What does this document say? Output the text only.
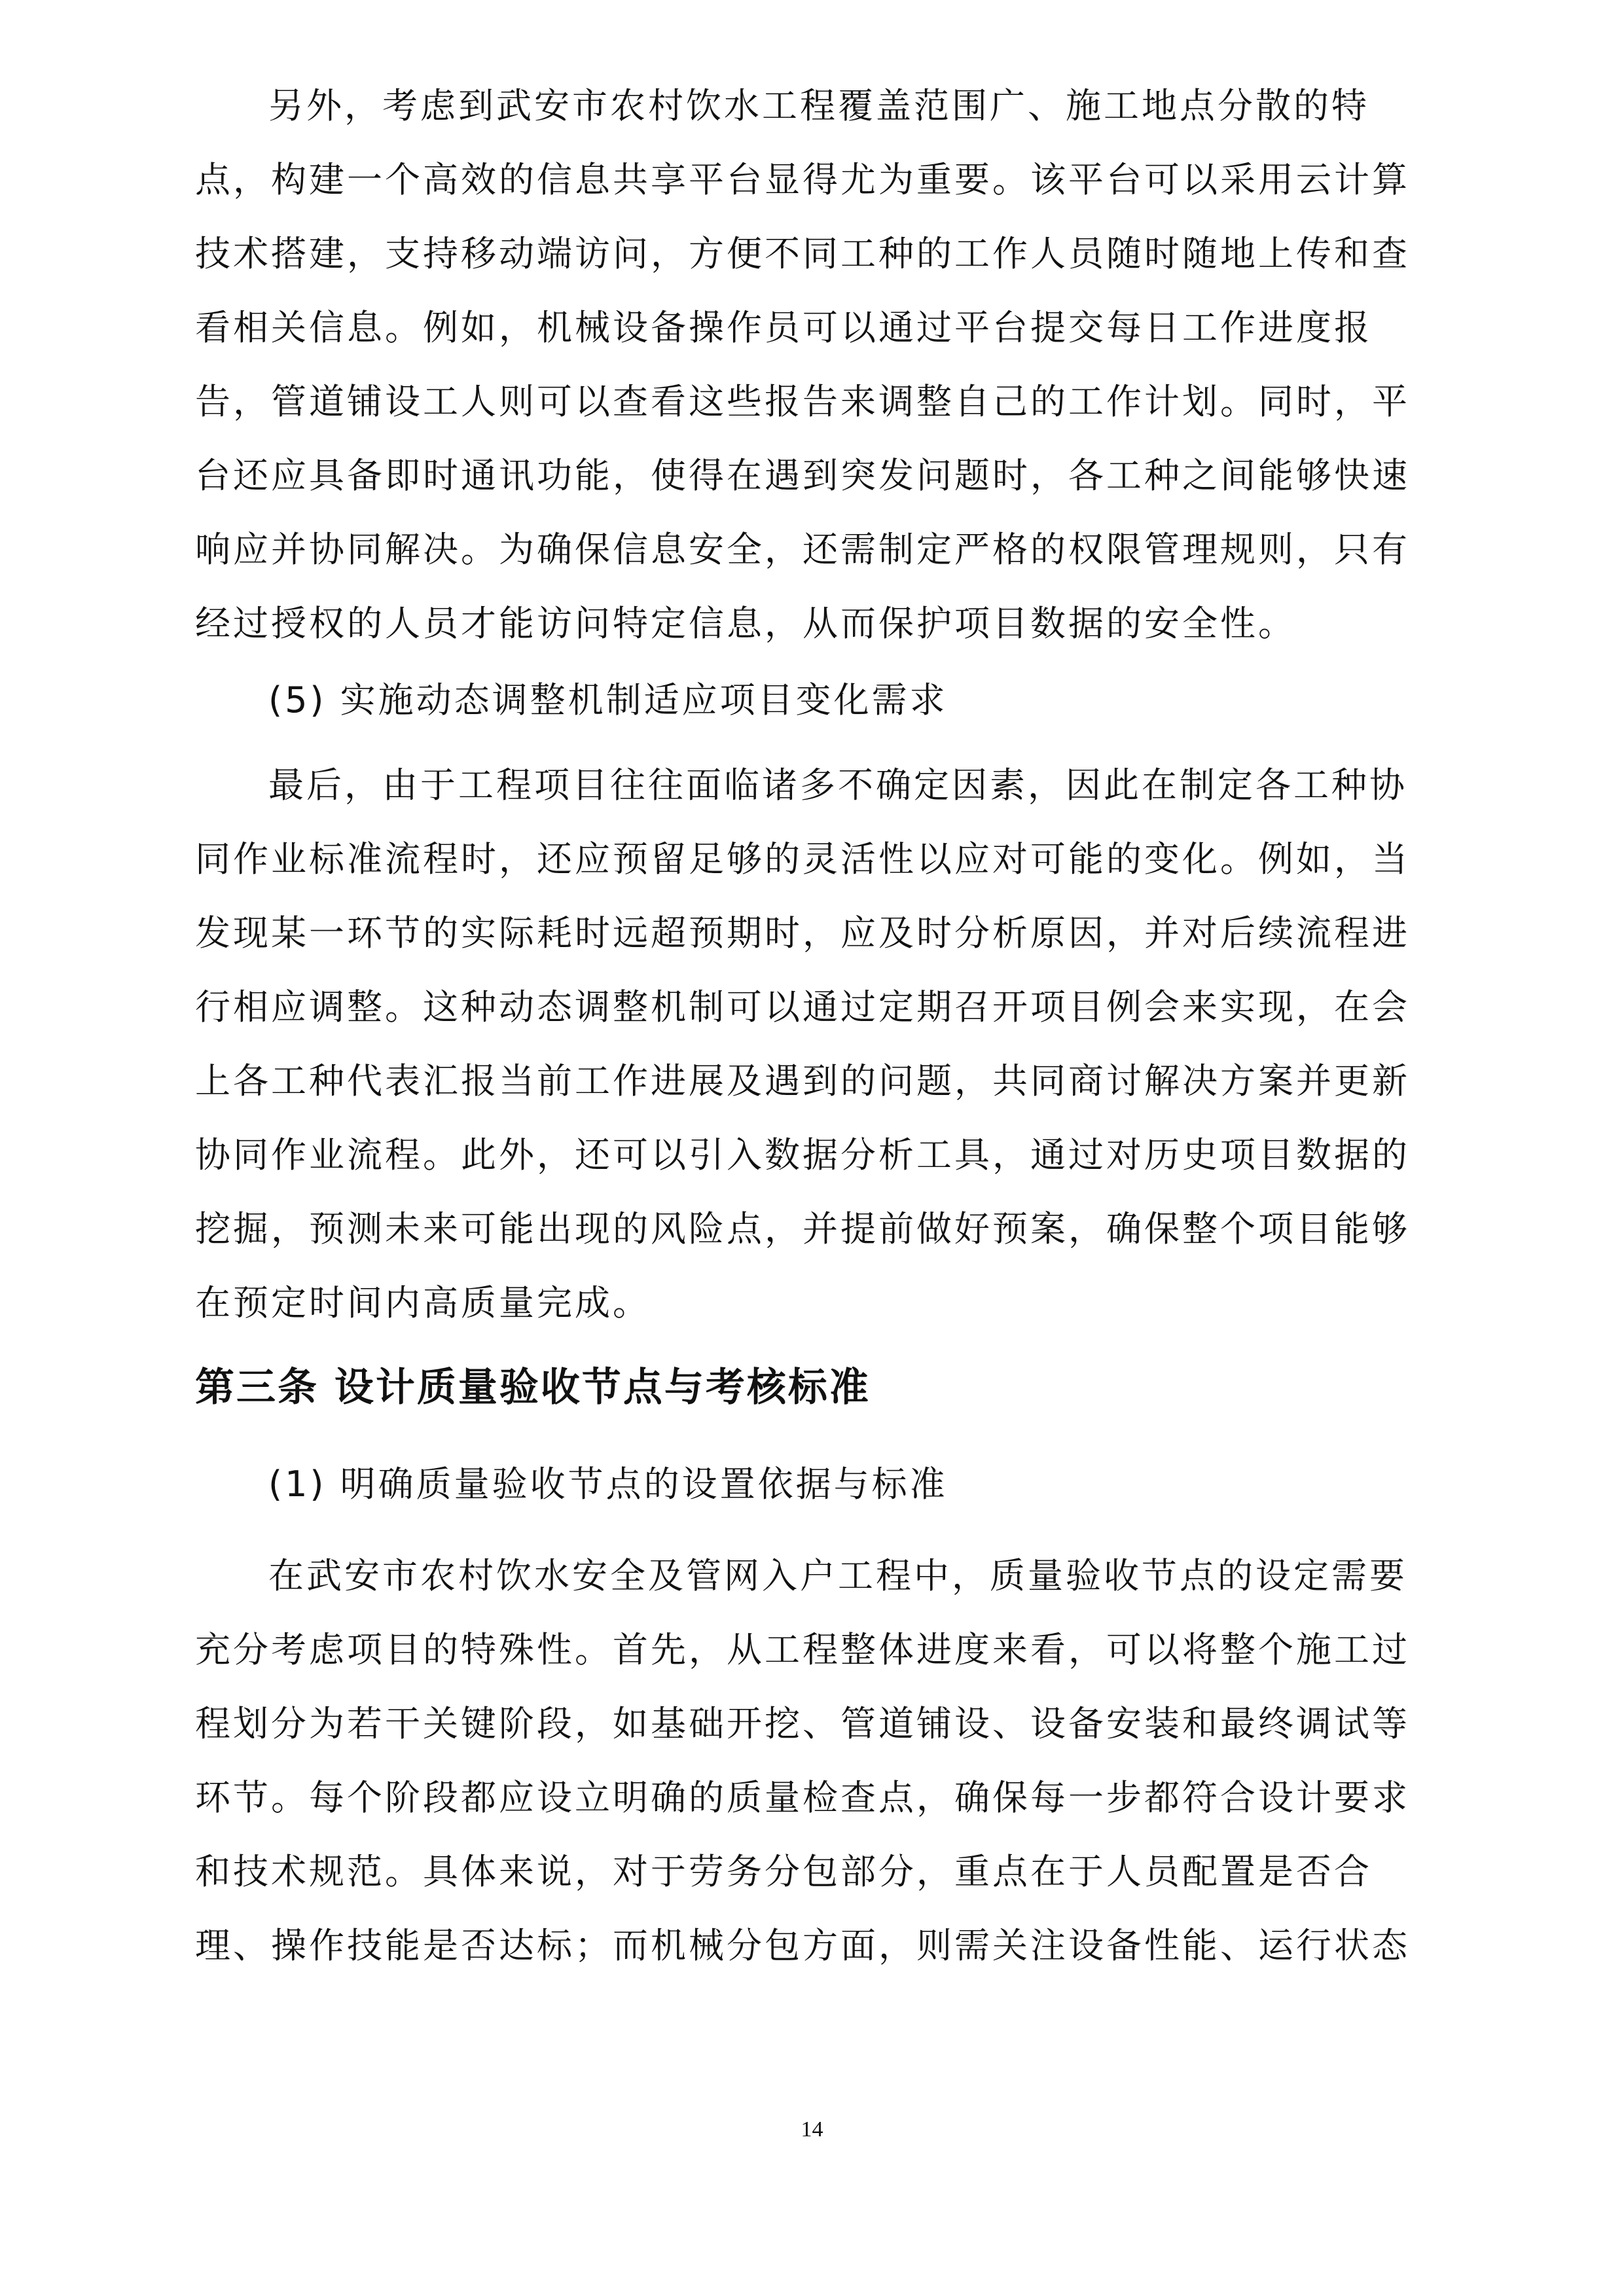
另外，考虑到武安市农村饮水工程覆盖范围广、施工地点分散的特
点，构建一个高效的信息共享平台显得尤为重要。该平台可以采用云计算
技术搭建，支持移动端访问，方便不同工种的工作人员随时随地上传和查
看相关信息。例如，机械设备操作员可以通过平台提交每日工作进度报
告，管道铺设工人则可以查看这些报告来调整自己的工作计划。同时，平
台还应具备即时通讯功能，使得在遇到突发问题时，各工种之间能够快速
响应并协同解决。为确保信息安全，还需制定严格的权限管理规则，只有
经过授权的人员才能访问特定信息，从而保护项目数据的安全性。
(5) 实施动态调整机制适应项目变化需求
最后，由于工程项目往往面临诸多不确定因素，因此在制定各工种协
同作业标准流程时，还应预留足够的灵活性以应对可能的变化。例如，当
发现某一环节的实际耗时远超预期时，应及时分析原因，并对后续流程进
行相应调整。这种动态调整机制可以通过定期召开项目例会来实现，在会
上各工种代表汇报当前工作进展及遇到的问题，共同商讨解决方案并更新
协同作业流程。此外，还可以引入数据分析工具，通过对历史项目数据的
挖掘，预测未来可能出现的风险点，并提前做好预案，确保整个项目能够
在预定时间内高质量完成。
第三条 设计质量验收节点与考核标准
(1) 明确质量验收节点的设置依据与标准
在武安市农村饮水安全及管网入户工程中，质量验收节点的设定需要
充分考虑项目的特殊性。首先，从工程整体进度来看，可以将整个施工过
程划分为若干关键阶段，如基础开挖、管道铺设、设备安装和最终调试等
环节。每个阶段都应设立明确的质量检查点，确保每一步都符合设计要求
和技术规范。具体来说，对于劳务分包部分，重点在于人员配置是否合
理、操作技能是否达标；而机械分包方面，则需关注设备性能、运行状态
14
